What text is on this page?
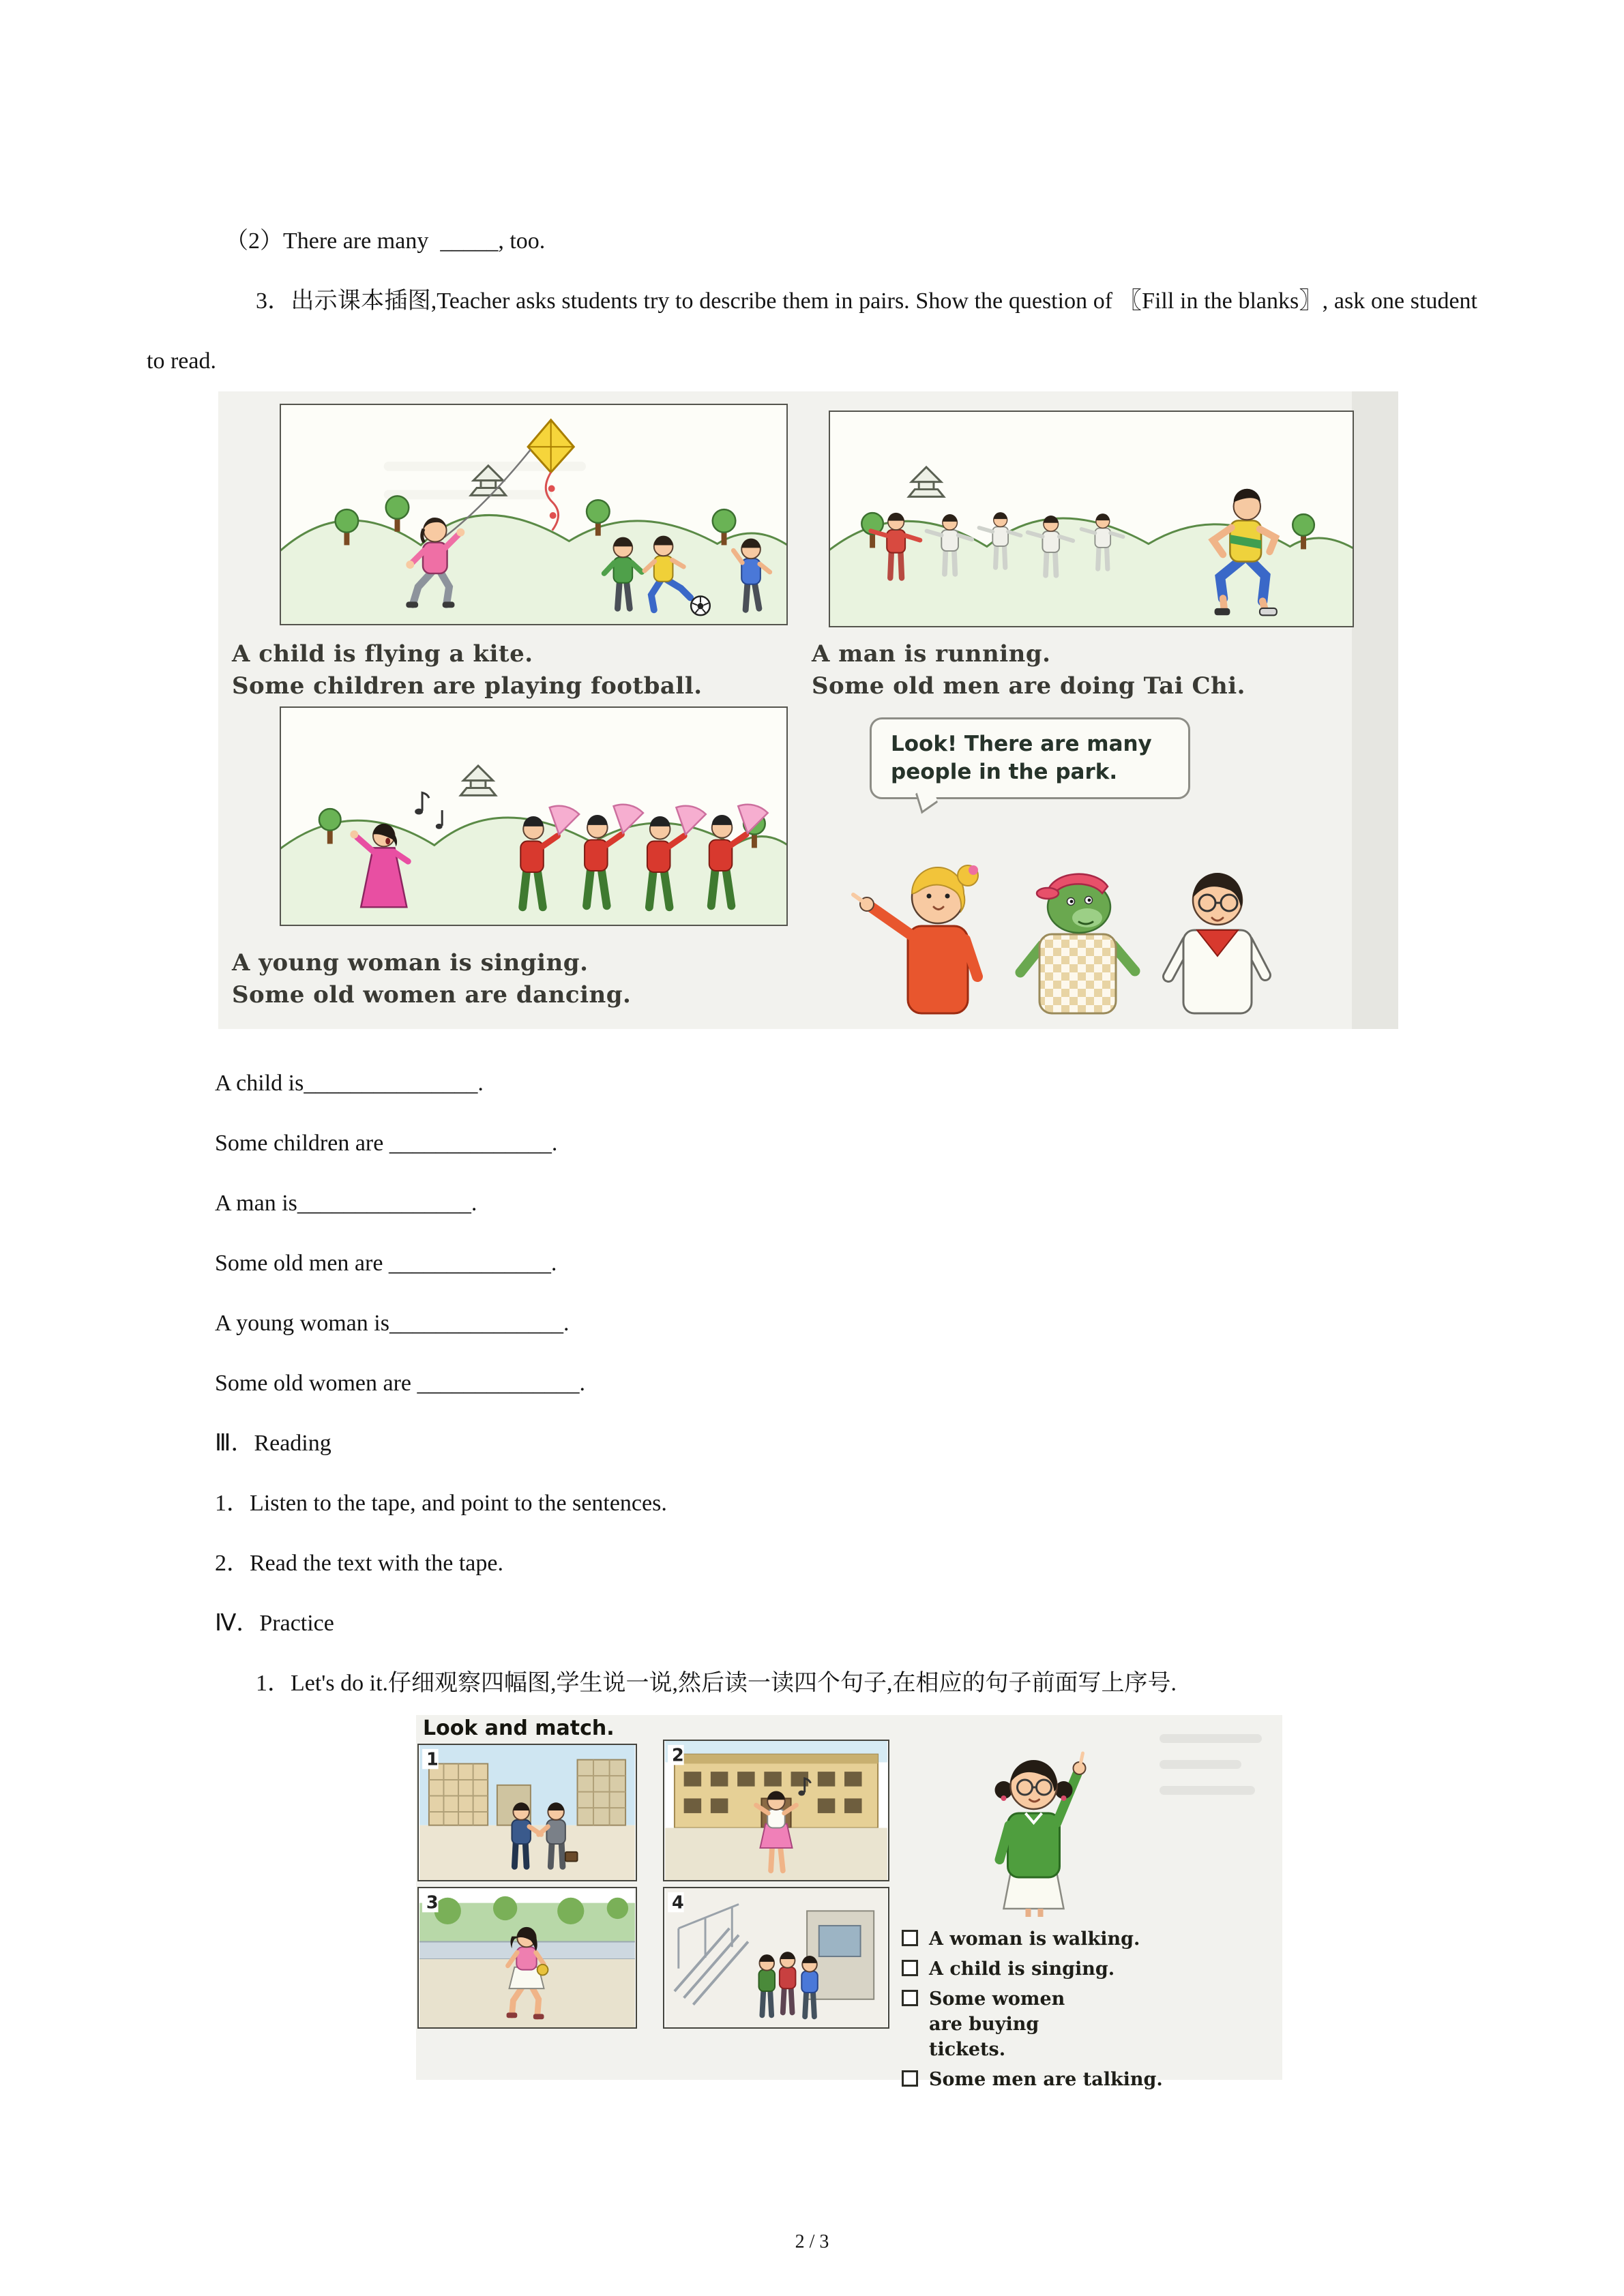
（2）There are many  _____, too.

3．出示课本插图,Teacher asks students try to describe them in pairs. Show the question of 〖Fill in the blanks〗, ask one student to read.

A child is flying a kite.
Some children are playing football.
A man is running.
Some old men are doing Tai Chi.
Look! There are many
people in the park.
A young woman is singing.
Some old women are dancing.

A child is_______________.

Some children are ______________.

A man is_______________.

Some old men are ______________.

A young woman is_______________.

Some old women are ______________.

Ⅲ．Reading

1．Listen to the tape, and point to the sentences.

2．Read the text with the tape.

Ⅳ．Practice

1．Let's do it.仔细观察四幅图,学生说一说,然后读一读四个句子,在相应的句子前面写上序号.

Look and match.
1	2
3	4
A woman is walking.
A child is singing.
Some women are buying tickets.
Some men are talking.
2 / 3
